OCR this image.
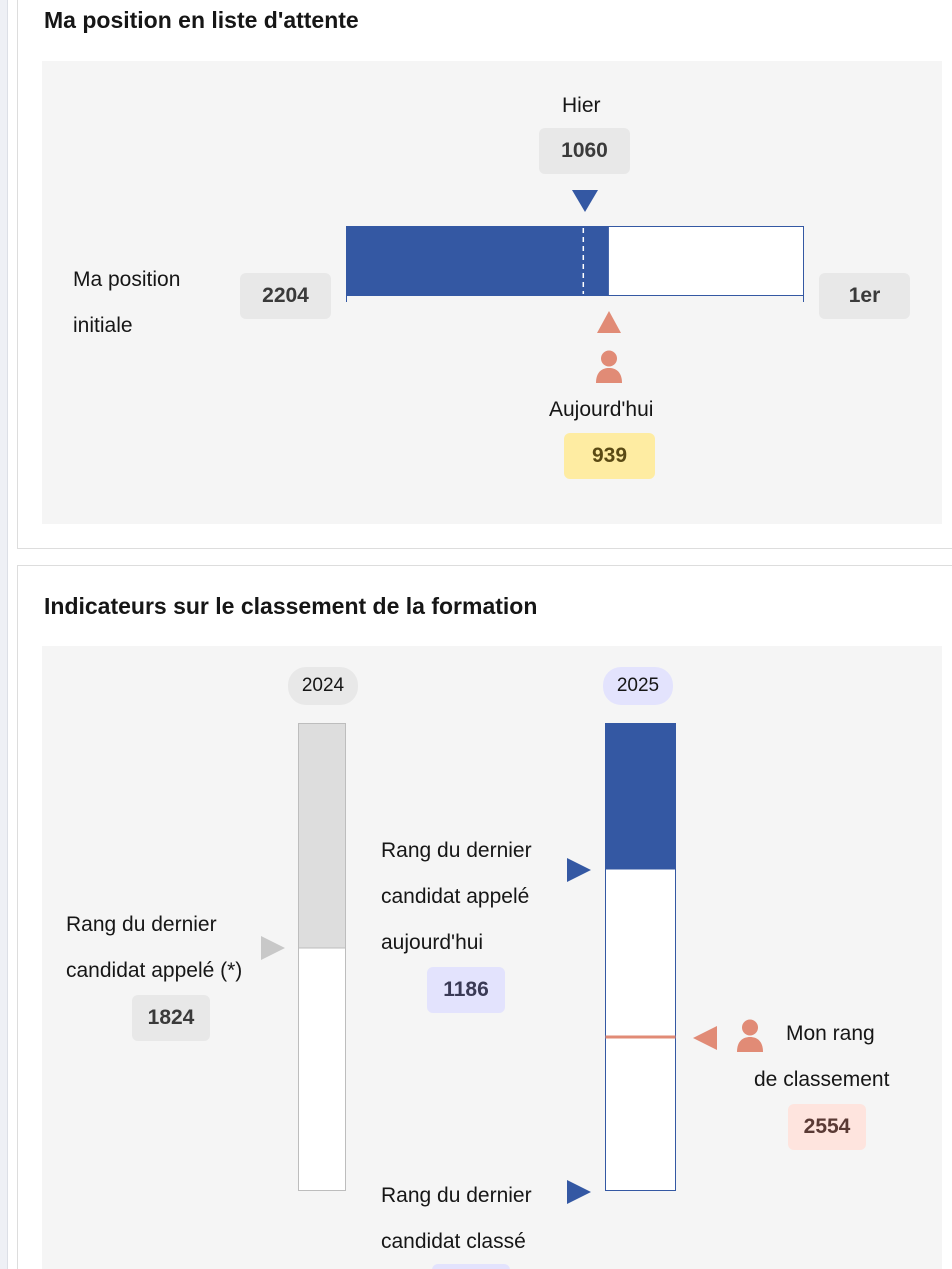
Ma position en liste d'attente
Hier
1060
Ma position
initiale
2204	1er
Aujourd'hui
939
Indicateurs sur le classement de la formation
2024	2025
Rang du dernier
candidat appelé (*)
1824
Rang du dernier
candidat appelé
aujourd'hui
1186
Mon rang
de classement
2554
Rang du dernier
candidat classé
